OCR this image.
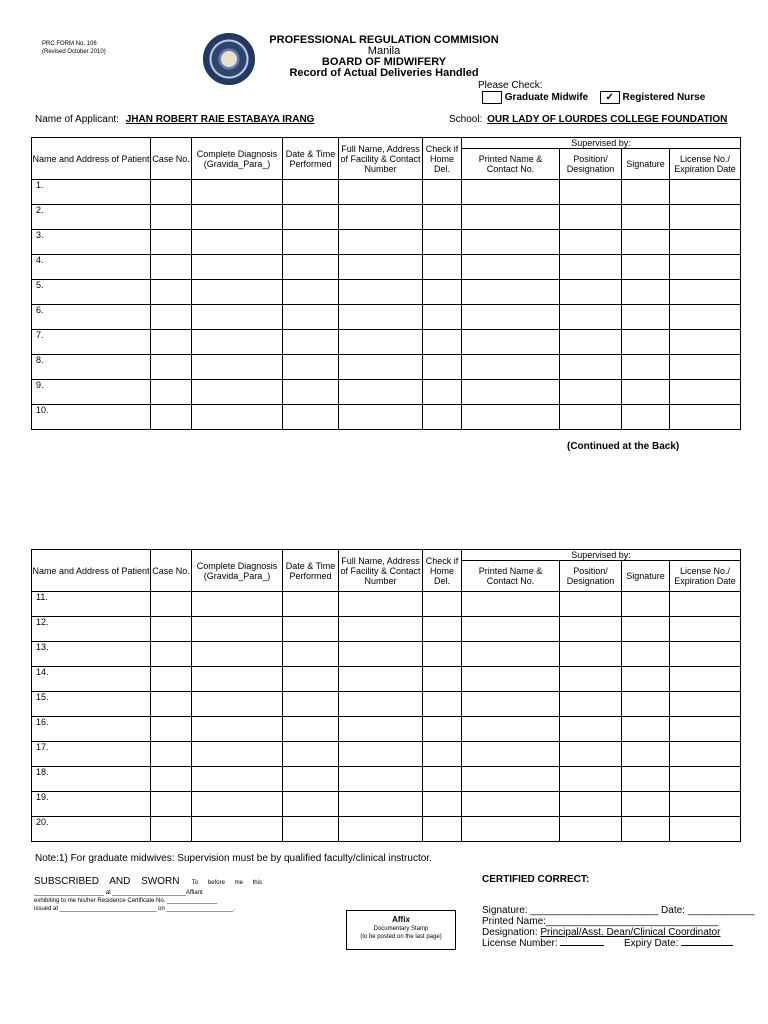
PRC FORM No. 106
(Revised October 2010)
PROFESSIONAL REGULATION COMMISION
Manila
BOARD OF MIDWIFERY
Record of Actual Deliveries Handled
Please Check:
Graduate Midwife ✓ Registered Nurse
Name of Applicant: JHAN ROBERT RAIE ESTABAYA IRANG	School: OUR LADY OF LOURDES COLLEGE FOUNDATION
Name and Address of Patient	Case No.	Complete Diagnosis (Gravida_Para_)	Date & Time Performed	Full Name, Address of Facility & Contact Number	Check if Home Del.	Supervised by:			
						Printed Name & Contact No.	Position/ Designation	Signature	License No./ Expiration Date
1.									
2.									
3.									
4.									
5.									
6.									
7.									
8.									
9.									
10.									
(Continued at the Back)
Name and Address of Patient	Case No.	Complete Diagnosis (Gravida_Para_)	Date & Time Performed	Full Name, Address of Facility & Contact Number	Check if Home Del.	Supervised by:			
						Printed Name & Contact No.	Position/ Designation	Signature	License No./ Expiration Date
11.									
12.									
13.									
14.									
15.									
16.									
17.									
18.									
19.									
20.									
Note:1) For graduate midwives: Supervision must be by qualified faculty/clinical instructor.
SUBSCRIBED AND SWORN To before me this
_____________________ at ______________________Affiant
exhibiting to me his/her Residence Certificate No. _______________
issued at _____________________________ on ____________________.
Affix
Documentary Stamp
(to be posted on the last page)
CERTIFIED CORRECT:
Signature: _______________________ Date: ____________
Printed Name:_______________________________
Designation: Principal/Asst. Dean/Clinical Coordinator
License Number:	Expiry Date:
